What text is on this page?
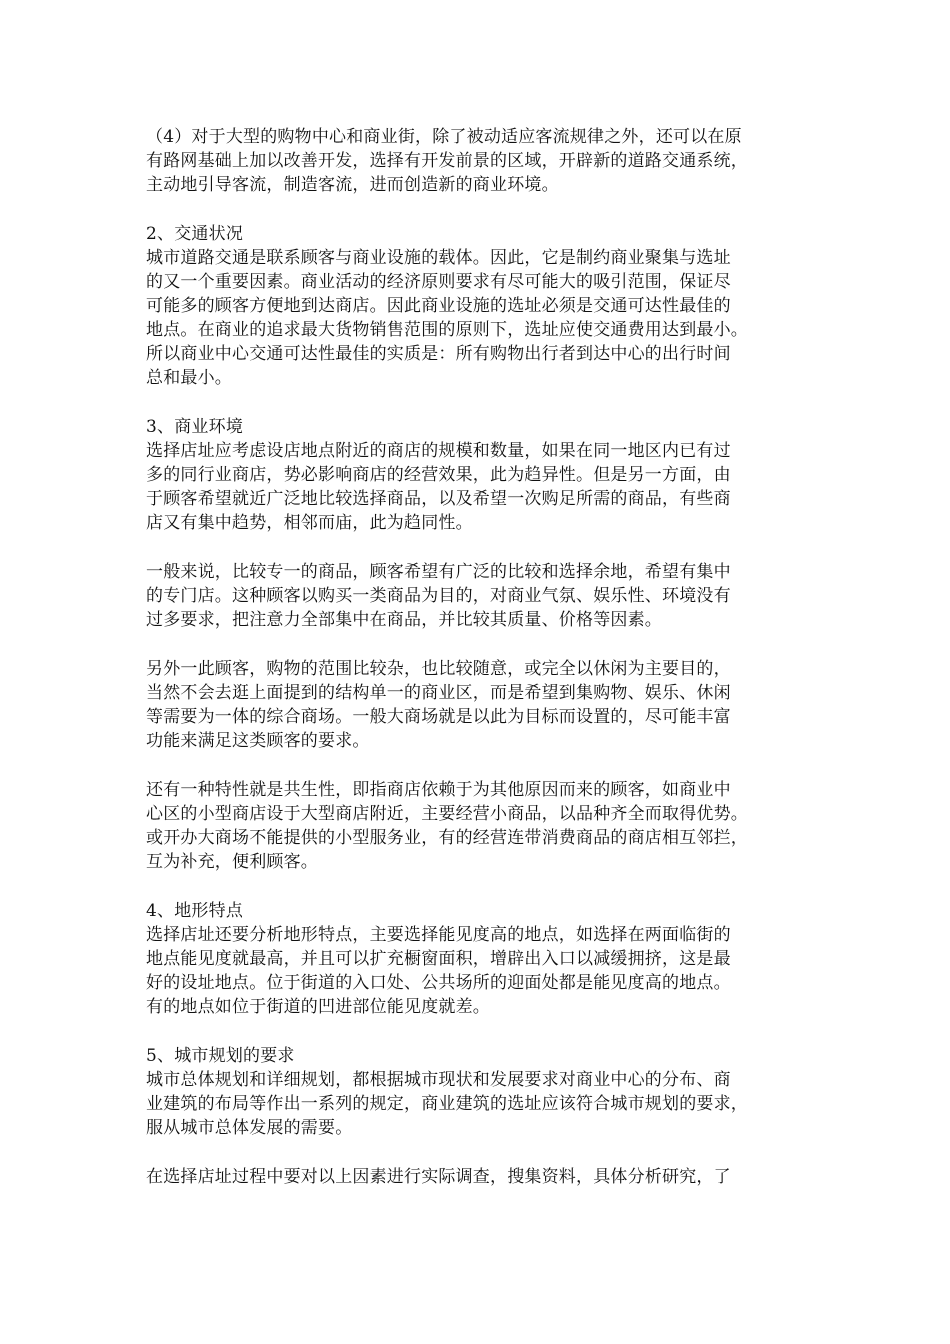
（4）对于大型的购物中心和商业街，除了被动适应客流规律之外，还可以在原
有路网基础上加以改善开发，选择有开发前景的区域，开辟新的道路交通系统，
主动地引导客流，制造客流，进而创造新的商业环境。
2、交通状况
城市道路交通是联系顾客与商业设施的载体。因此，它是制约商业聚集与选址
的又一个重要因素。商业活动的经济原则要求有尽可能大的吸引范围，保证尽
可能多的顾客方便地到达商店。因此商业设施的选址必须是交通可达性最佳的
地点。在商业的追求最大货物销售范围的原则下，选址应使交通费用达到最小。
所以商业中心交通可达性最佳的实质是：所有购物出行者到达中心的出行时间
总和最小。
3、商业环境
选择店址应考虑设店地点附近的商店的规模和数量，如果在同一地区内已有过
多的同行业商店，势必影响商店的经营效果，此为趋异性。但是另一方面，由
于顾客希望就近广泛地比较选择商品，以及希望一次购足所需的商品，有些商
店又有集中趋势，相邻而庙，此为趋同性。
一般来说，比较专一的商品，顾客希望有广泛的比较和选择余地，希望有集中
的专门店。这种顾客以购买一类商品为目的，对商业气氛、娱乐性、环境没有
过多要求，把注意力全部集中在商品，并比较其质量、价格等因素。
另外一此顾客，购物的范围比较杂，也比较随意，或完全以休闲为主要目的，
当然不会去逛上面提到的结构单一的商业区，而是希望到集购物、娱乐、休闲
等需要为一体的综合商场。一般大商场就是以此为目标而设置的，尽可能丰富
功能来满足这类顾客的要求。
还有一种特性就是共生性，即指商店依赖于为其他原因而来的顾客，如商业中
心区的小型商店设于大型商店附近，主要经营小商品，以品种齐全而取得优势。
或开办大商场不能提供的小型服务业，有的经营连带消费商品的商店相互邻拦，
互为补充，便利顾客。
4、地形特点
选择店址还要分析地形特点，主要选择能见度高的地点，如选择在两面临街的
地点能见度就最高，并且可以扩充橱窗面积，增辟出入口以减缓拥挤，这是最
好的设址地点。位于街道的入口处、公共场所的迎面处都是能见度高的地点。
有的地点如位于街道的凹进部位能见度就差。
5、城市规划的要求
城市总体规划和详细规划，都根据城市现状和发展要求对商业中心的分布、商
业建筑的布局等作出一系列的规定，商业建筑的选址应该符合城市规划的要求，
服从城市总体发展的需要。
在选择店址过程中要对以上因素进行实际调查，搜集资料，具体分析研究，了
